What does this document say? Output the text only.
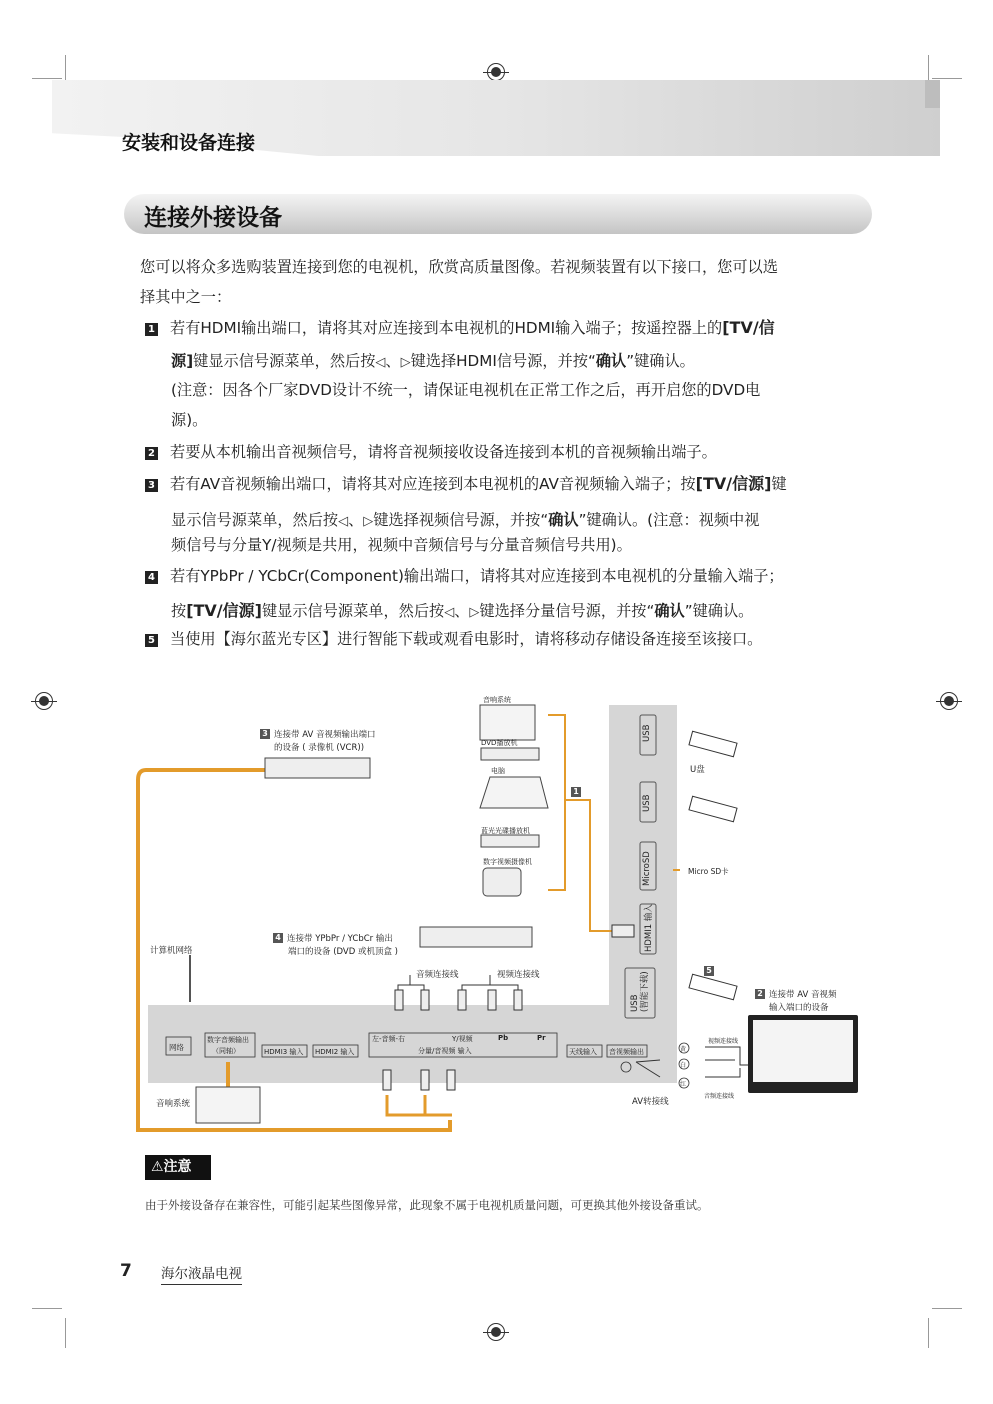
安装和设备连接
连接外接设备
您可以将众多选购装置连接到您的电视机，欣赏高质量图像。若视频装置有以下接口，您可以选
择其中之一：
1 若有HDMI输出端口，请将其对应连接到本电视机的HDMI输入端子；按遥控器上的[TV/信
源]键显示信号源菜单，然后按◁、▷键选择HDMI信号源，并按“确认”键确认。
(注意：因各个厂家DVD设计不统一，请保证电视机在正常工作之后，再开启您的DVD电
源)。
2 若要从本机输出音视频信号，请将音视频接收设备连接到本机的音视频输出端子。
3 若有AV音视频输出端口，请将其对应连接到本电视机的AV音视频输入端子；按[TV/信源]键
显示信号源菜单，然后按◁、▷键选择视频信号源，并按“确认”键确认。(注意：视频中视
频信号与分量Y/视频是共用，视频中音频信号与分量音频信号共用)。
4 若有YPbPr / YCbCr(Component)输出端口，请将其对应连接到本电视机的分量输入端子；
按[TV/信源]键显示信号源菜单，然后按◁、▷键选择分量信号源，并按“确认”键确认。
5 当使用【海尔蓝光专区】进行智能下载或观看电影时，请将移动存储设备连接至该接口。
3 连接带 AV 音视频输出端口
的设备 ( 录像机 (VCR))
音响系统
DVD播放机
电脑
蓝光光碟播放机
数字视频摄像机
1
USB
USB
MicroSD
HDMI1 输入
USB
(智能下载)
U盘
Micro SD卡
5
4 连接带 YPbPr / YCbCr 输出
端口的设备 (DVD 或机顶盒 )
计算机网络
音频连接线	视频连接线
2 连接带 AV 音视频
输入端口的设备
网络
数字音频输出
（同轴）	HDMI3 输入 HDMI2 输入
左-音频-右	Y/视频	Pb	Pr
分量/音视频 输入	天线输入 音视频输出
视频连接线
音频连接线
黄
白
红
AV转接线
音响系统
⚠注意
由于外接设备存在兼容性，可能引起某些图像异常，此现象不属于电视机质量问题，可更换其他外接设备重试。
7 海尔液晶电视
